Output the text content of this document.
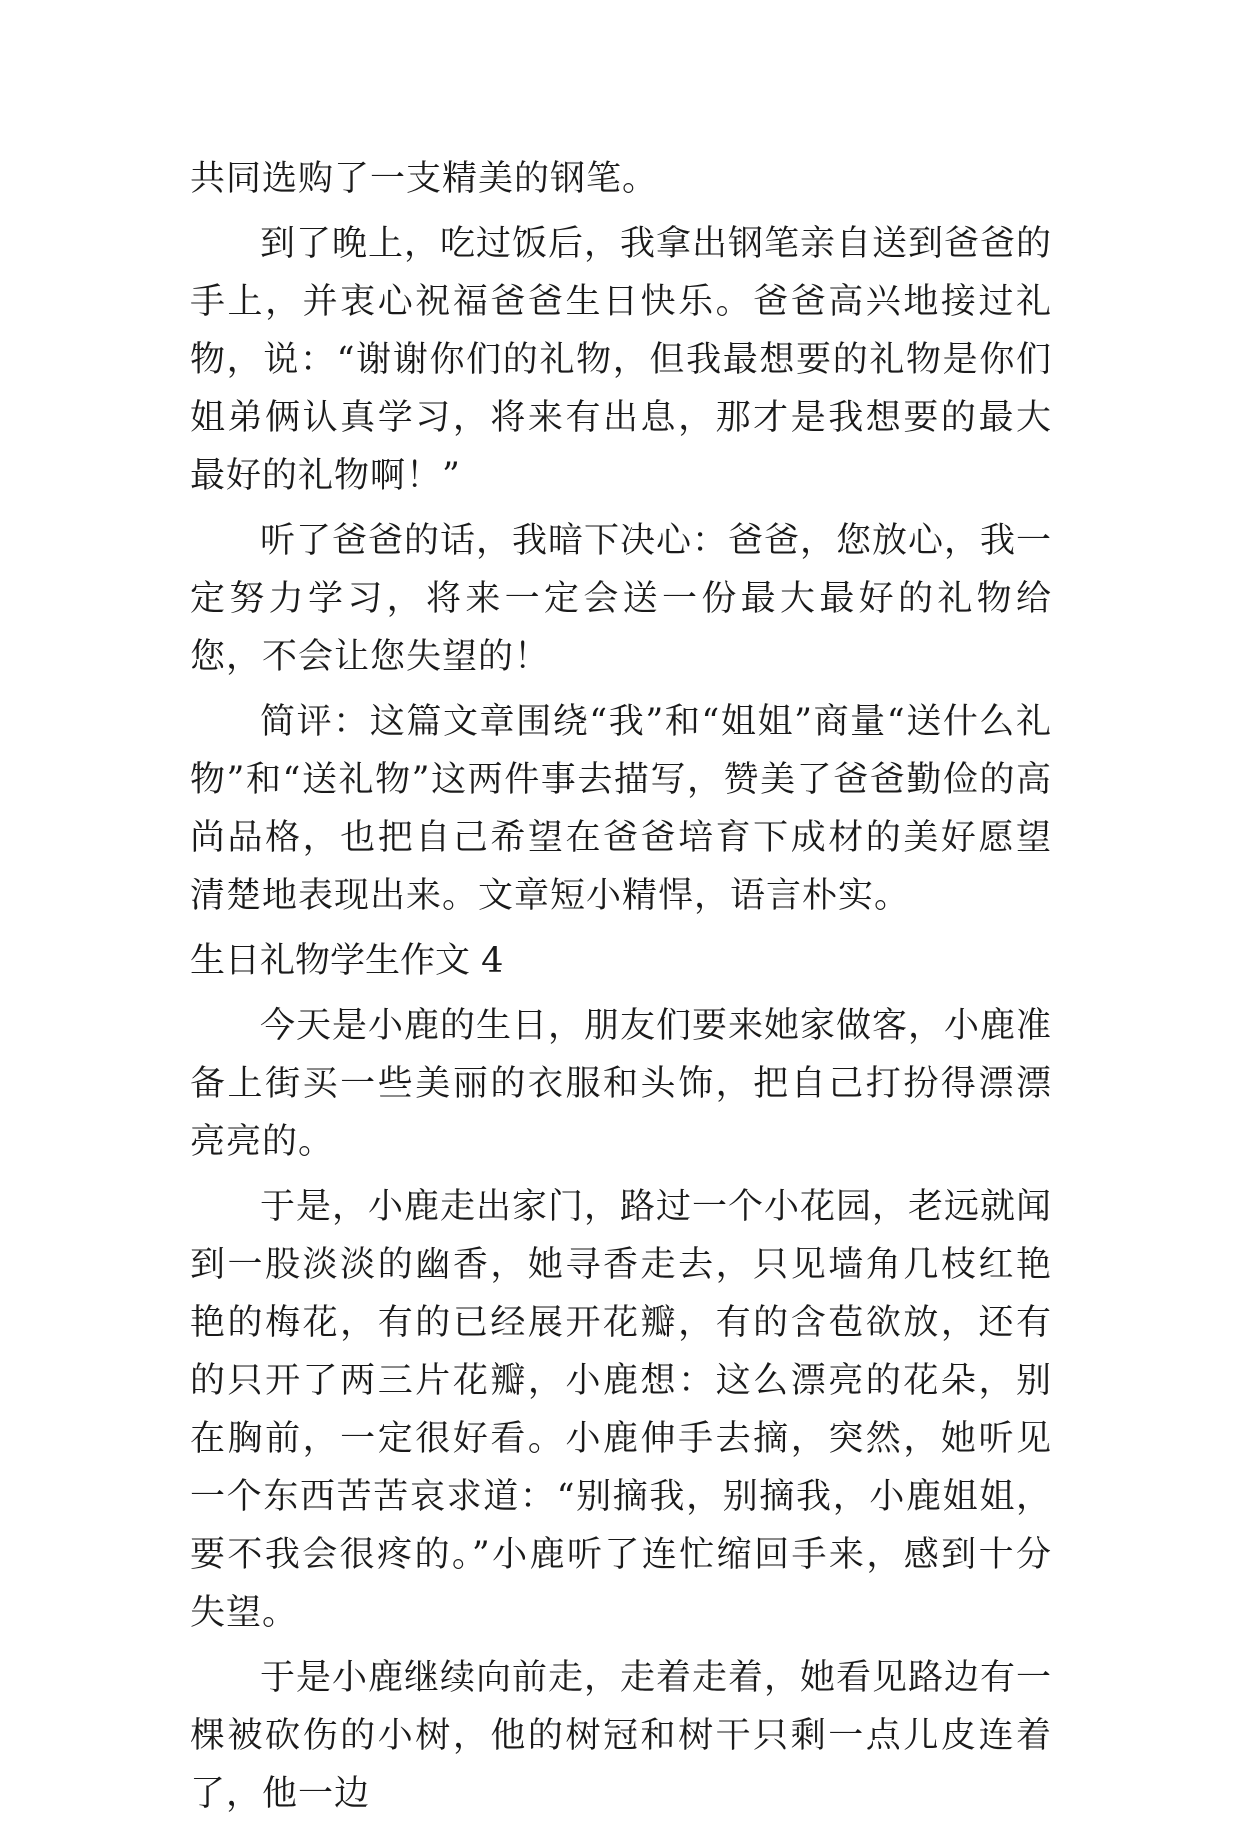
共同选购了一支精美的钢笔。

到了晚上，吃过饭后，我拿出钢笔亲自送到爸爸的手上，并衷心祝福爸爸生日快乐。爸爸高兴地接过礼物，说：“谢谢你们的礼物，但我最想要的礼物是你们姐弟俩认真学习，将来有出息，那才是我想要的最大最好的礼物啊！”

听了爸爸的话，我暗下决心：爸爸，您放心，我一定努力学习，将来一定会送一份最大最好的礼物给您，不会让您失望的！

简评：这篇文章围绕“我”和“姐姐”商量“送什么礼物”和“送礼物”这两件事去描写，赞美了爸爸勤俭的高尚品格，也把自己希望在爸爸培育下成材的美好愿望清楚地表现出来。文章短小精悍，语言朴实。

生日礼物学生作文 4

今天是小鹿的生日，朋友们要来她家做客，小鹿准备上街买一些美丽的衣服和头饰，把自己打扮得漂漂亮亮的。

于是，小鹿走出家门，路过一个小花园，老远就闻到一股淡淡的幽香，她寻香走去，只见墙角几枝红艳艳的梅花，有的已经展开花瓣，有的含苞欲放，还有的只开了两三片花瓣，小鹿想：这么漂亮的花朵，别在胸前，一定很好看。小鹿伸手去摘，突然，她听见一个东西苦苦哀求道：“别摘我，别摘我，小鹿姐姐，要不我会很疼的。”小鹿听了连忙缩回手来，感到十分失望。

于是小鹿继续向前走，走着走着，她看见路边有一棵被砍伤的小树，他的树冠和树干只剩一点儿皮连着了，他一边
